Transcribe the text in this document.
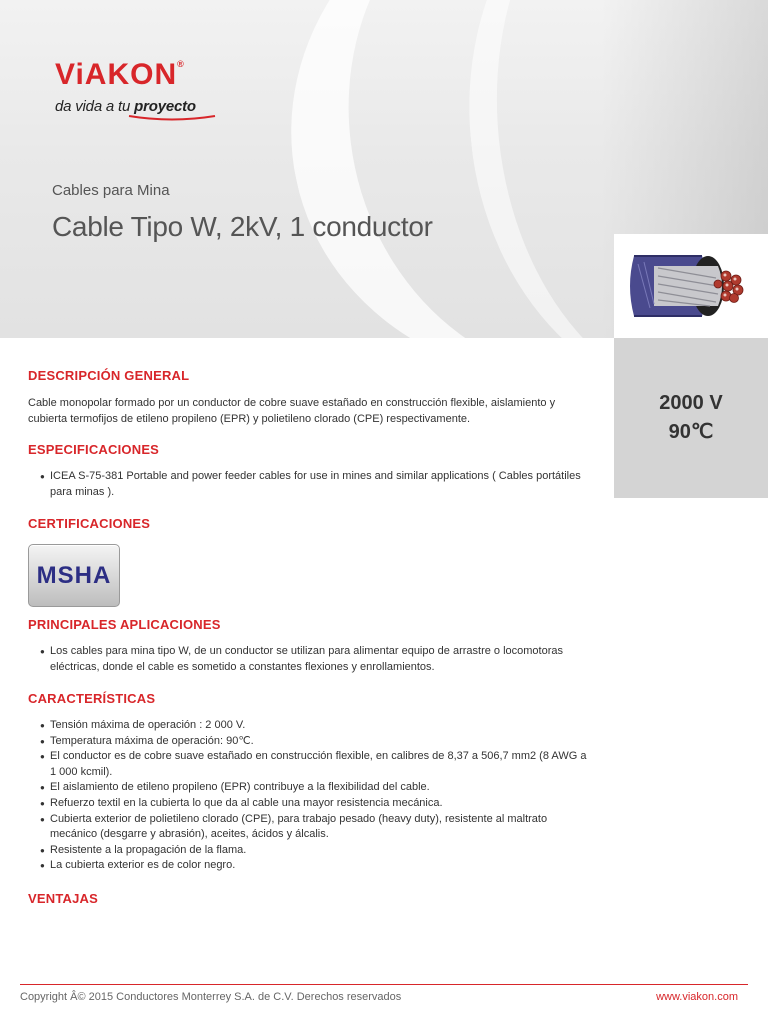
ViAKON®
da vida a tu proyecto
Cables para Mina
Cable Tipo W, 2kV, 1 conductor
2000 V
90℃
DESCRIPCIÓN GENERAL
Cable monopolar formado por un conductor de cobre suave estañado en construcción flexible, aislamiento y cubierta termofijos de etileno propileno (EPR) y polietileno clorado (CPE) respectivamente.
ESPECIFICACIONES
● ICEA S-75-381 Portable and power feeder cables for use in mines and similar applications ( Cables portátiles para minas ).
CERTIFICACIONES
MSHA
PRINCIPALES APLICACIONES
● Los cables para mina tipo W, de un conductor se utilizan para alimentar equipo de arrastre o locomotoras eléctricas, donde el cable es sometido a constantes flexiones y enrollamientos.
CARACTERÍSTICAS
● Tensión máxima de operación : 2 000 V.
● Temperatura máxima de operación: 90℃.
● El conductor es de cobre suave estañado en construcción flexible, en calibres de 8,37 a 506,7 mm2 (8 AWG a 1 000 kcmil).
● El aislamiento de etileno propileno (EPR) contribuye a la flexibilidad del cable.
● Refuerzo textil en la cubierta lo que da al cable una mayor resistencia mecánica.
● Cubierta exterior de polietileno clorado (CPE), para trabajo pesado (heavy duty), resistente al maltrato mecánico (desgarre y abrasión), aceites, ácidos y álcalis.
● Resistente a la propagación de la flama.
● La cubierta exterior es de color negro.
VENTAJAS
Copyright Â© 2015 Conductores Monterrey S.A. de C.V. Derechos reservados	www.viakon.com
